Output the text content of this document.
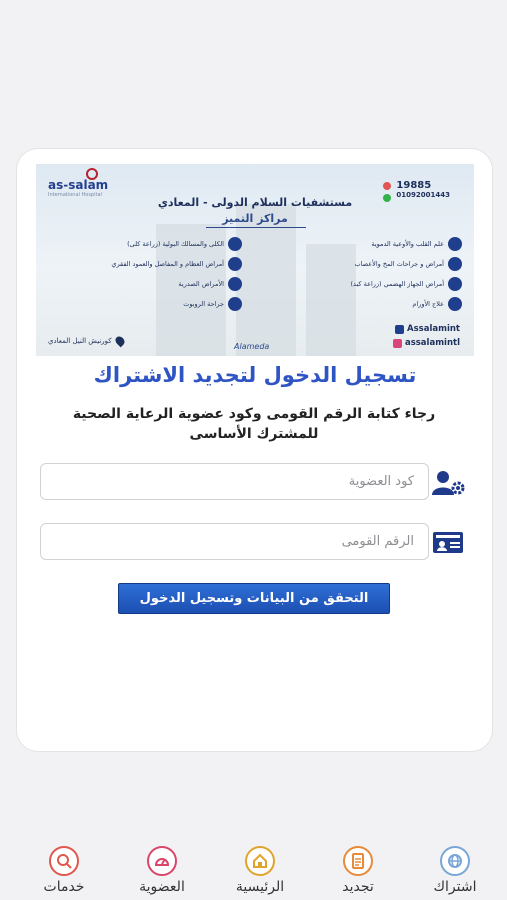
as-salam
International Hospital
19885
01092001443
مستشفيات السلام الدولى - المعادي
مراكز التميز
علم القلب والأوعية الدموية
أمراض و جراحات المخ والأعصاب
أمراض الجهاز الهضمي (زراعة كبد)
علاج الأورام
الكلى والمسالك البولية (زراعة كلى)
أمراض العظام و المفاصل والعمود الفقري
الأمراض الصدرية
جراحة الروبوت
Assalamint
assalamintl
Alameda
كورنيش النيل المعادي
تسجيل الدخول لتجديد الاشتراك
رجاء كتابة الرقم القومى وكود عضوية الرعاية الصحية للمشترك الأساسى
كود العضوية
الرقم القومى
التحقق من البيانات وتسجيل الدخول
خدمات	العضوية	الرئيسية	تجديد	اشتراك
